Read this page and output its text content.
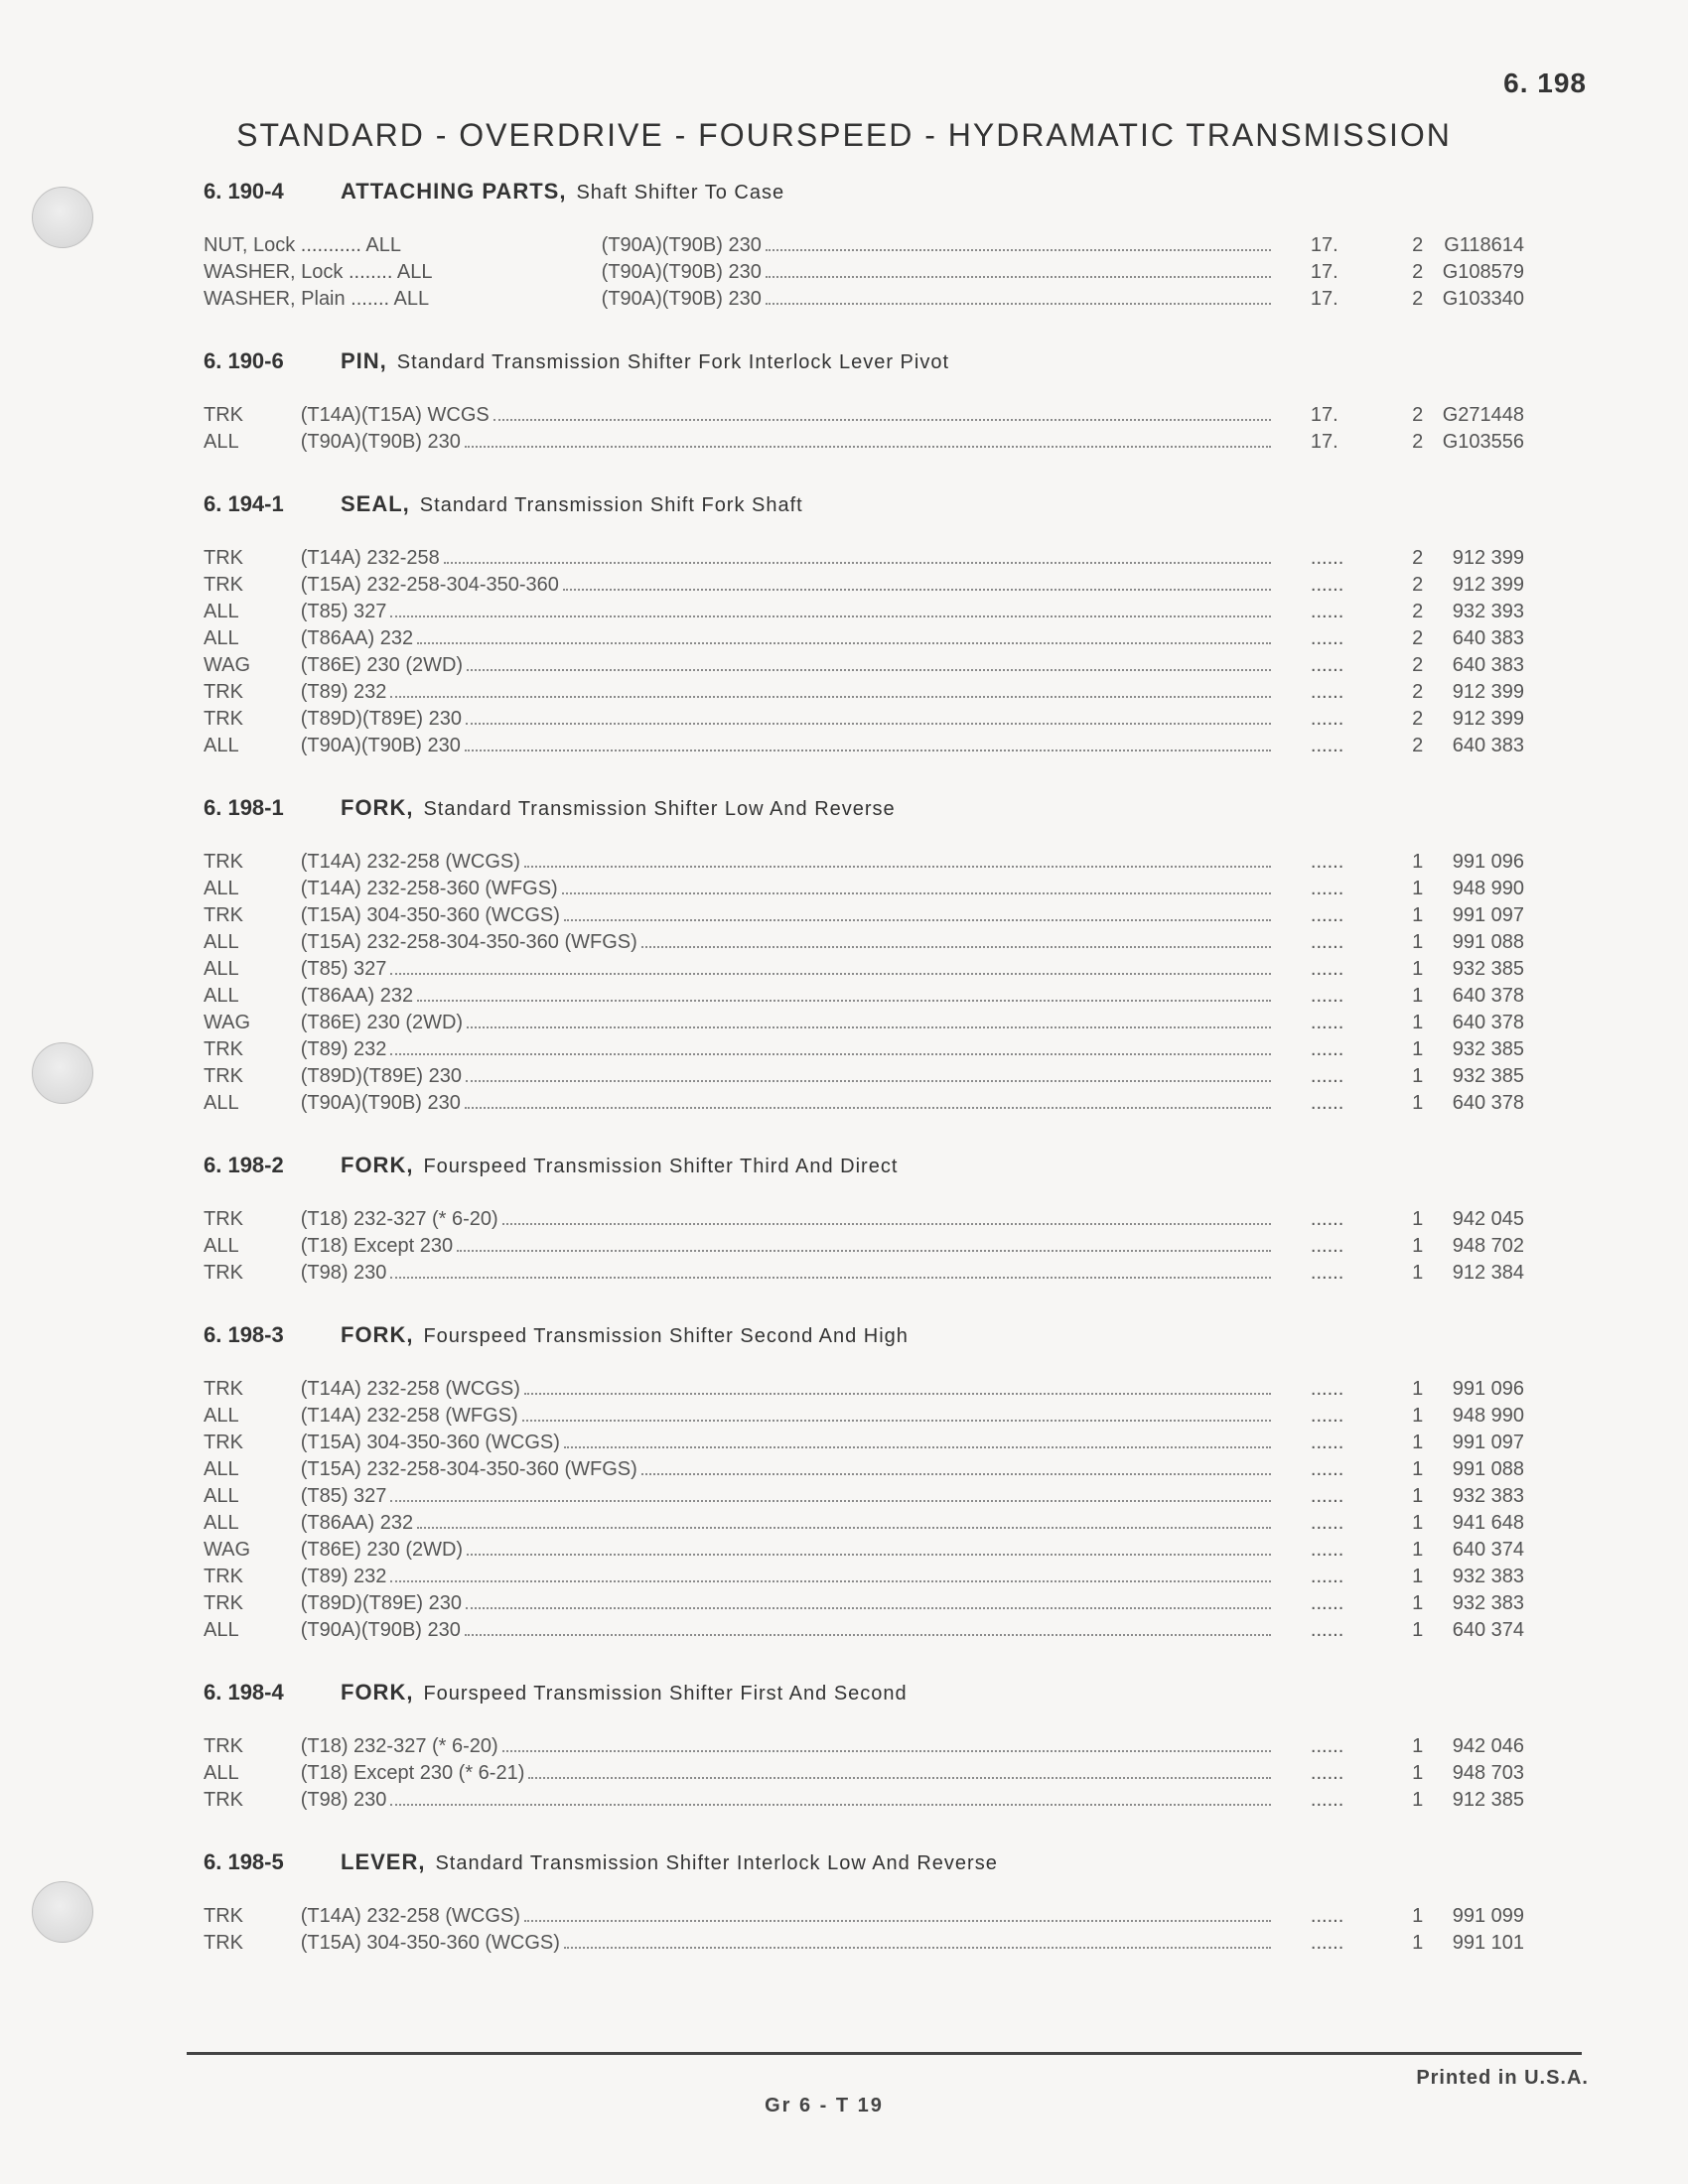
6. 198
STANDARD - OVERDRIVE - FOURSPEED - HYDRAMATIC TRANSMISSION
6. 190-4	ATTACHING PARTS, Shaft Shifter To Case
NUT, Lock ........... ALL	(T90A)(T90B) 230	17.	2	G118614
WASHER, Lock ........ ALL	(T90A)(T90B) 230	17.	2 G108579
WASHER, Plain ....... ALL	(T90A)(T90B) 230	17.	2 G103340
6. 190-6	PIN, Standard Transmission Shifter Fork Interlock Lever Pivot
TRK	(T14A)(T15A) WCGS	17.	2 G271448
ALL	(T90A)(T90B) 230	17.	2 G103556
6. 194-1	SEAL, Standard Transmission Shift Fork Shaft
TRK	(T14A) 232-258	......	2	912 399
TRK	(T15A) 232-258-304-350-360	......	2	912 399
ALL	(T85) 327	......	2	932 393
ALL	(T86AA) 232	......	2	640 383
WAG	(T86E) 230 (2WD)	......	2	640 383
TRK	(T89) 232	......	2	912 399
TRK	(T89D)(T89E) 230	......	2	912 399
ALL	(T90A)(T90B) 230	......	2	640 383
6. 198-1	FORK, Standard Transmission Shifter Low And Reverse
TRK	(T14A) 232-258 (WCGS)	......	1	991 096
ALL	(T14A) 232-258-360 (WFGS)	......	1	948 990
TRK	(T15A) 304-350-360 (WCGS)	......	1	991 097
ALL	(T15A) 232-258-304-350-360 (WFGS)	......	1	991 088
ALL	(T85) 327	......	1	932 385
ALL	(T86AA) 232	......	1	640 378
WAG	(T86E) 230 (2WD)	......	1	640 378
TRK	(T89) 232	......	1	932 385
TRK	(T89D)(T89E) 230	......	1	932 385
ALL	(T90A)(T90B) 230	......	1	640 378
6. 198-2	FORK, Fourspeed Transmission Shifter Third And Direct
TRK	(T18) 232-327 (* 6-20)	......	1	942 045
ALL	(T18) Except 230	......	1	948 702
TRK	(T98) 230	......	1	912 384
6. 198-3	FORK, Fourspeed Transmission Shifter Second And High
TRK	(T14A) 232-258 (WCGS)	......	1	991 096
ALL	(T14A) 232-258 (WFGS)	......	1	948 990
TRK	(T15A) 304-350-360 (WCGS)	......	1	991 097
ALL	(T15A) 232-258-304-350-360 (WFGS)	......	1	991 088
ALL	(T85) 327	......	1	932 383
ALL	(T86AA) 232	......	1	941 648
WAG	(T86E) 230 (2WD)	......	1	640 374
TRK	(T89) 232	......	1	932 383
TRK	(T89D)(T89E) 230	......	1	932 383
ALL	(T90A)(T90B) 230	......	1	640 374
6. 198-4	FORK, Fourspeed Transmission Shifter First And Second
TRK	(T18) 232-327 (* 6-20)	......	1	942 046
ALL	(T18) Except 230 (* 6-21)	......	1	948 703
TRK	(T98) 230	......	1	912 385
6. 198-5	LEVER, Standard Transmission Shifter Interlock Low And Reverse
TRK	(T14A) 232-258 (WCGS)	......	1	991 099
TRK	(T15A) 304-350-360 (WCGS)	......	1	991 101
Printed in U.S.A.
Gr 6 - T 19
